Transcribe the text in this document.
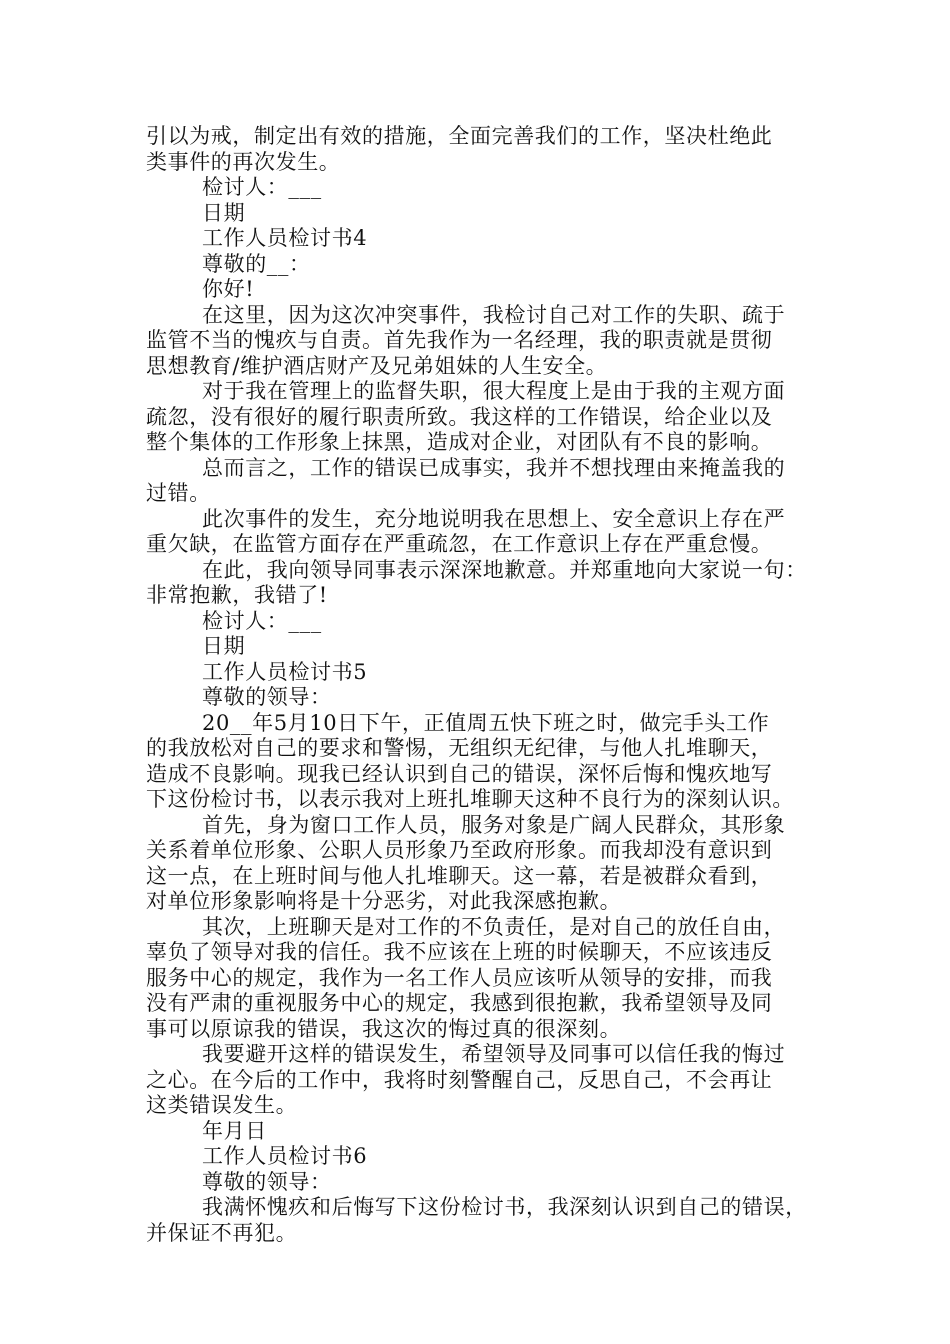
引以为戒，制定出有效的措施，全面完善我们的工作，坚决杜绝此
类事件的再次发生。
检讨人：___
日期
工作人员检讨书4
尊敬的__：
你好!
在这里，因为这次冲突事件，我检讨自己对工作的失职、疏于
监管不当的愧疚与自责。首先我作为一名经理，我的职责就是贯彻
思想教育/维护酒店财产及兄弟姐妹的人生安全。
对于我在管理上的监督失职，很大程度上是由于我的主观方面
疏忽，没有很好的履行职责所致。我这样的工作错误，给企业以及
整个集体的工作形象上抹黑，造成对企业，对团队有不良的影响。
总而言之，工作的错误已成事实，我并不想找理由来掩盖我的
过错。
此次事件的发生，充分地说明我在思想上、安全意识上存在严
重欠缺，在监管方面存在严重疏忽，在工作意识上存在严重怠慢。
在此，我向领导同事表示深深地歉意。并郑重地向大家说一句：
非常抱歉，我错了!
检讨人：___
日期
工作人员检讨书5
尊敬的领导：
20__年5月10日下午，正值周五快下班之时，做完手头工作
的我放松对自己的要求和警惕，无组织无纪律，与他人扎堆聊天，
造成不良影响。现我已经认识到自己的错误，深怀后悔和愧疚地写
下这份检讨书，以表示我对上班扎堆聊天这种不良行为的深刻认识。
首先，身为窗口工作人员，服务对象是广阔人民群众，其形象
关系着单位形象、公职人员形象乃至政府形象。而我却没有意识到
这一点，在上班时间与他人扎堆聊天。这一幕，若是被群众看到，
对单位形象影响将是十分恶劣，对此我深感抱歉。
其次，上班聊天是对工作的不负责任，是对自己的放任自由，
辜负了领导对我的信任。我不应该在上班的时候聊天，不应该违反
服务中心的规定，我作为一名工作人员应该听从领导的安排，而我
没有严肃的重视服务中心的规定，我感到很抱歉，我希望领导及同
事可以原谅我的错误，我这次的悔过真的很深刻。
我要避开这样的错误发生，希望领导及同事可以信任我的悔过
之心。在今后的工作中，我将时刻警醒自己，反思自己，不会再让
这类错误发生。
年月日
工作人员检讨书6
尊敬的领导：
我满怀愧疚和后悔写下这份检讨书，我深刻认识到自己的错误，
并保证不再犯。
